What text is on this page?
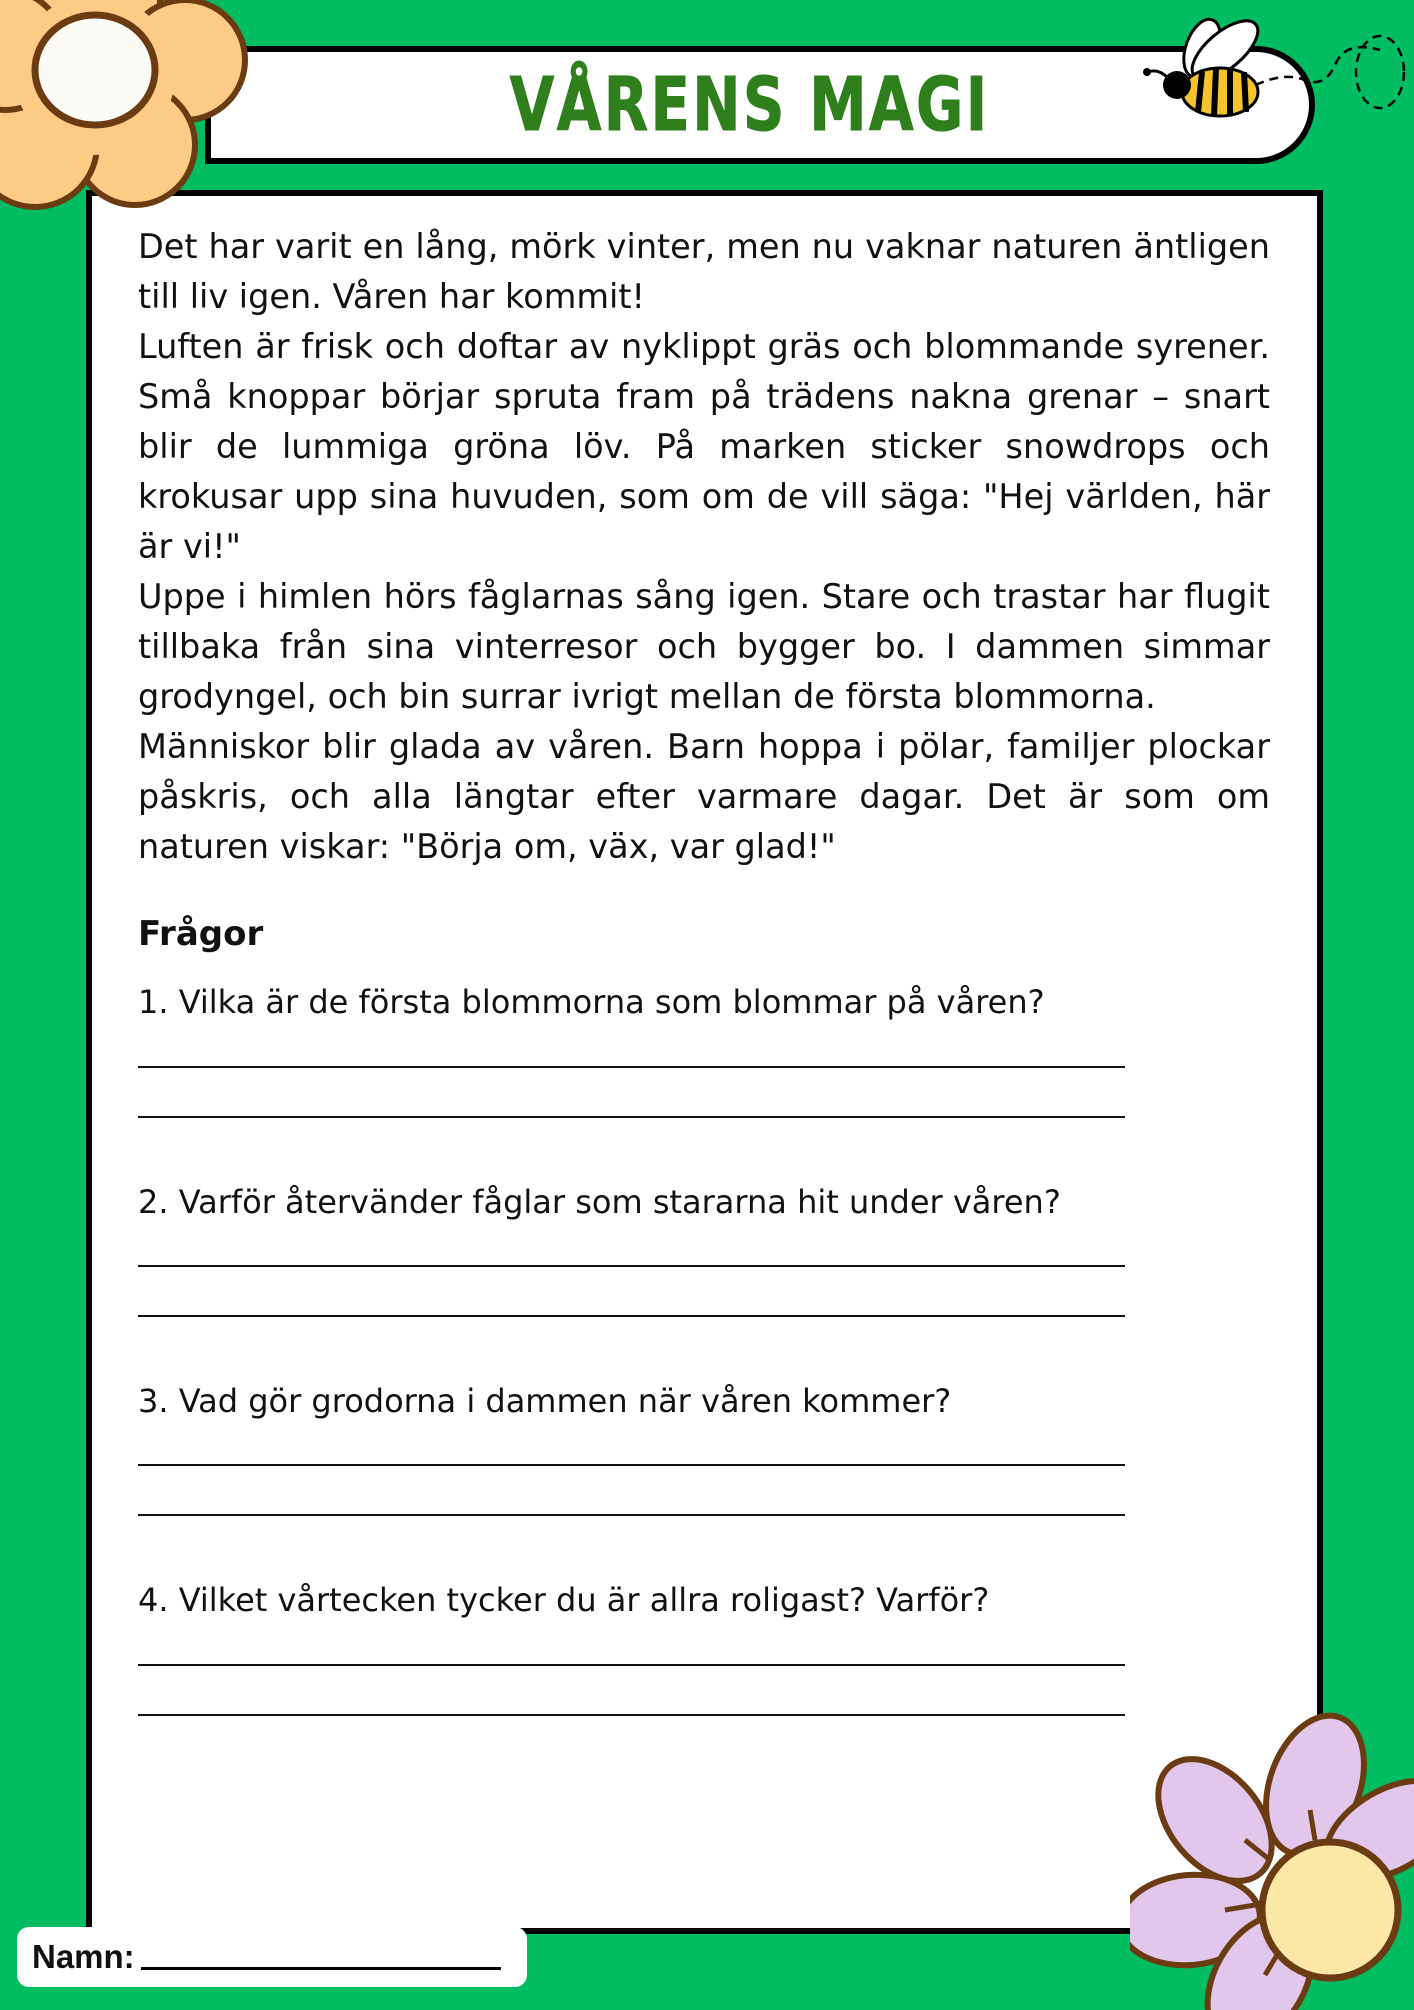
VÅRENS MAGI

Det har varit en lång, mörk vinter, men nu vaknar naturen äntligen till liv igen. Våren har kommit!

Luften är frisk och doftar av nyklippt gräs och blommande syrener. Små knoppar börjar spruta fram på trädens nakna grenar – snart blir de lummiga gröna löv. På marken sticker snowdrops och krokusar upp sina huvuden, som om de vill säga: "Hej världen, här är vi!"

Uppe i himlen hörs fåglarnas sång igen. Stare och trastar har flugit tillbaka från sina vinterresor och bygger bo. I dammen simmar grodyngel, och bin surrar ivrigt mellan de första blommorna.

Människor blir glada av våren. Barn hoppa i pölar, familjer plockar påskris, och alla längtar efter varmare dagar. Det är som om naturen viskar: "Börja om, väx, var glad!"

Frågor
1. Vilka är de första blommorna som blommar på våren?
2. Varför återvänder fåglar som stararna hit under våren?
3. Vad gör grodorna i dammen när våren kommer?
4. Vilket vårtecken tycker du är allra roligast? Varför?
Namn:
